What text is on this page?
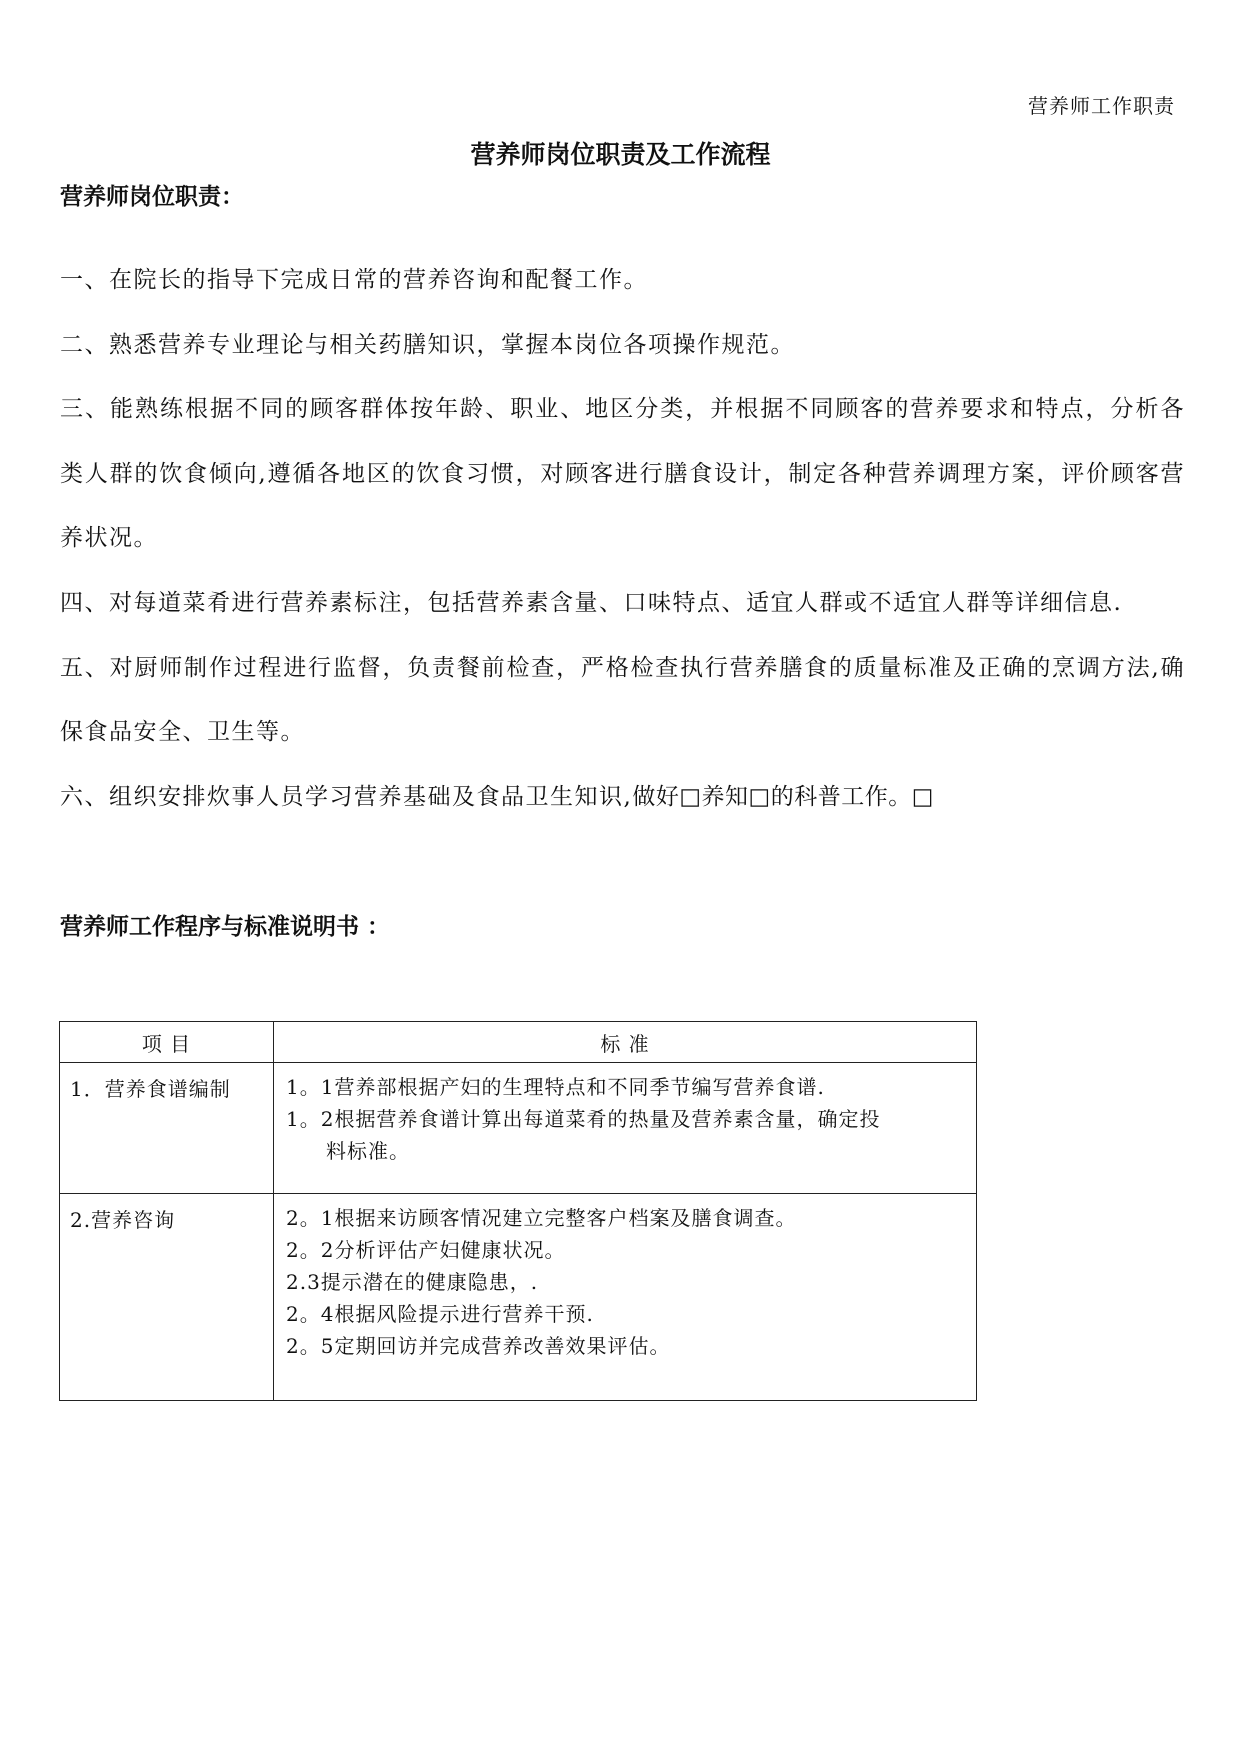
营养师工作职责
营养师岗位职责及工作流程
营养师岗位职责：

一、在院长的指导下完成日常的营养咨询和配餐工作。

二、熟悉营养专业理论与相关药膳知识，掌握本岗位各项操作规范。

三、能熟练根据不同的顾客群体按年龄、职业、地区分类，并根据不同顾客的营养要求和特点，分析各类人群的饮食倾向,遵循各地区的饮食习惯，对顾客进行膳食设计，制定各种营养调理方案，评价顾客营养状况。

四、对每道菜肴进行营养素标注，包括营养素含量、口味特点、适宜人群或不适宜人群等详细信息.

五、对厨师制作过程进行监督，负责餐前检查，严格检查执行营养膳食的质量标准及正确的烹调方法,确保食品安全、卫生等。

六、组织安排炊事人员学习营养基础及食品卫生知识,做好□养知□的科普工作。□

营养师工作程序与标准说明书 ：
项 目	标 准
1．营养食谱编制	1。1营养部根据产妇的生理特点和不同季节编写营养食谱.
1。2根据营养食谱计算出每道菜肴的热量及营养素含量，确定投
料标准。

2.营养咨询	2。1根据来访顾客情况建立完整客户档案及膳食调查。
2。2分析评估产妇健康状况。
2.3提示潜在的健康隐患，.
2。4根据风险提示进行营养干预.
2。5定期回访并完成营养改善效果评估。
